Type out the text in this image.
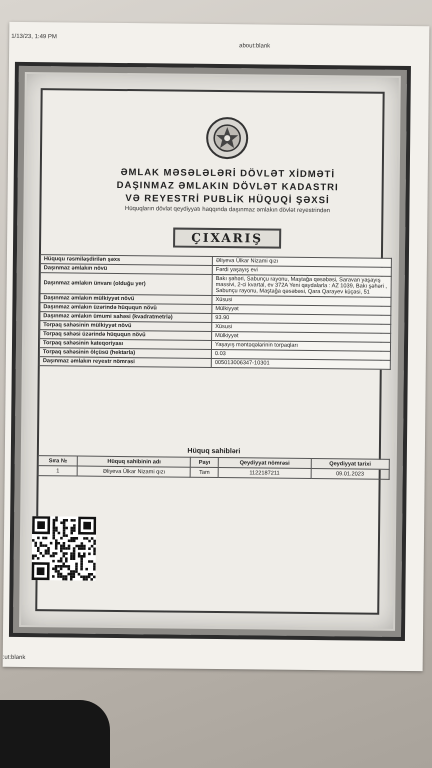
1/13/23, 1:49 PM
about:blank
ƏMLAK MƏSƏLƏLƏRİ DÖVLƏT XİDMƏTİ
DAŞINMAZ ƏMLAKIN DÖVLƏT KADASTRI
VƏ REYESTRİ PUBLİK HÜQUQİ ŞƏXSİ
Hüquqların dövlət qeydiyyatı haqqında daşınmaz əmlakın dövlət reyestrindən
ÇIXARIŞ
Hüququ rəsmiləşdirilən şəxs	Əliyeva Ülkar Nizami qızı
Daşınmaz əmlakın növü	Fərdi yaşayış evi
Daşınmaz əmlakın ünvanı (olduğu yer)	Bakı şəhəri, Sabunçu rayonu, Maştağa qəsəbəsi, Saravan yaşayış massivi, 2-ci kvartal, ev 372A Yeni qaydalarla : AZ 1039, Bakı şəhəri , Sabunçu rayonu, Maştağa qəsəbəsi, Qara Qarayev küçəsi, 51
Daşınmaz əmlakın mülkiyyət növü	Xüsusi
Daşınmaz əmlakın üzərində hüququn növü	Mülkiyyət
Daşınmaz əmlakın ümumi sahəsi (kvadratmetrlə)	93.90
Torpaq sahəsinin mülkiyyət növü	Xüsusi
Torpaq sahəsi üzərində hüququn növü	Mülkiyyət
Torpaq sahəsinin kateqoriyası	Yaşayış məntəqələrinin torpaqları
Torpaq sahəsinin ölçüsü (hektarla)	0.03
Daşınmaz əmlakın reyestr nömrəsi	005013006347-10301
Hüquq sahibləri
Sıra №	Hüquq sahibinin adı	Payı	Qeydiyyat nömrəsi	Qeydiyyat tarixi
1	Əliyeva Ülkar Nizami qızı	Tam	1122187211	09.01.2023
:ut:blank
